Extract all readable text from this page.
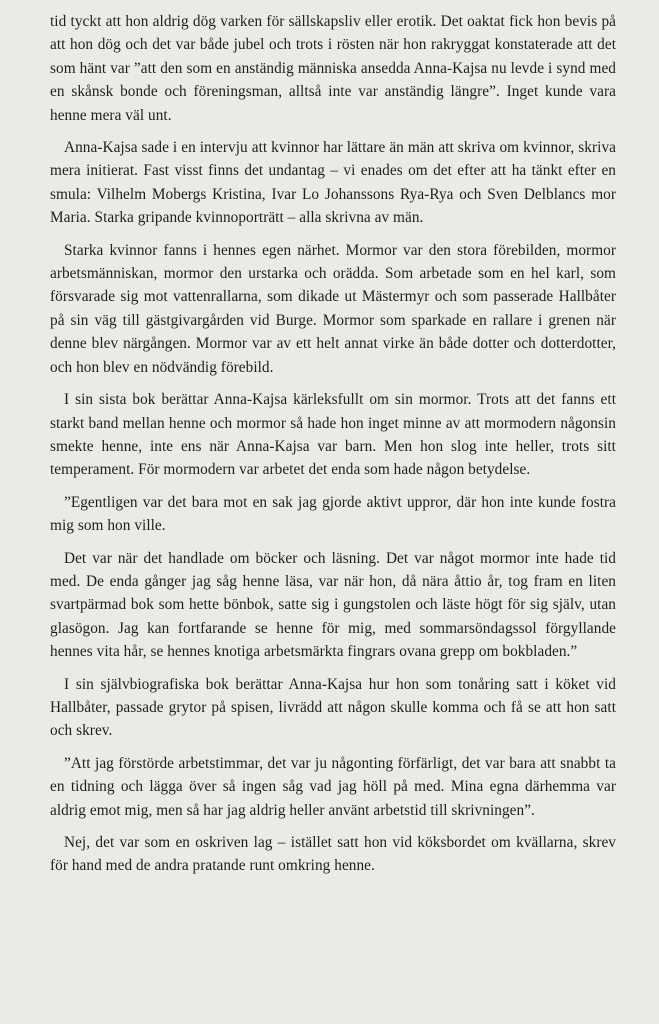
tid tyckt att hon aldrig dög varken för sällskapsliv eller erotik. Det oaktat fick hon bevis på att hon dög och det var både jubel och trots i rösten när hon rakryggat konstaterade att det som hänt var ”att den som en anständig människa ansedda Anna-Kajsa nu levde i synd med en skånsk bonde och föreningsman, alltså inte var anständig längre”. Inget kunde vara henne mera väl unt.

Anna-Kajsa sade i en intervju att kvinnor har lättare än män att skriva om kvinnor, skriva mera initierat. Fast visst finns det undantag – vi enades om det efter att ha tänkt efter en smula: Vilhelm Mobergs Kristina, Ivar Lo Johanssons Rya-Rya och Sven Delblancs mor Maria. Starka gripande kvinnoporträtt – alla skrivna av män.

Starka kvinnor fanns i hennes egen närhet. Mormor var den stora förebilden, mormor arbetsmänniskan, mormor den urstarka och orädda. Som arbetade som en hel karl, som försvarade sig mot vattenrallarna, som dikade ut Mästermyr och som passerade Hallbåter på sin väg till gästgivargården vid Burge. Mormor som sparkade en rallare i grenen när denne blev närgången. Mormor var av ett helt annat virke än både dotter och dotterdotter, och hon blev en nödvändig förebild.

I sin sista bok berättar Anna-Kajsa kärleksfullt om sin mormor. Trots att det fanns ett starkt band mellan henne och mormor så hade hon inget minne av att mormodern någonsin smekte henne, inte ens när Anna-Kajsa var barn. Men hon slog inte heller, trots sitt temperament. För mormodern var arbetet det enda som hade någon betydelse.

”Egentligen var det bara mot en sak jag gjorde aktivt uppror, där hon inte kunde fostra mig som hon ville.

Det var när det handlade om böcker och läsning. Det var något mormor inte hade tid med. De enda gånger jag såg henne läsa, var när hon, då nära åttio år, tog fram en liten svartpärmad bok som hette bönbok, satte sig i gungstolen och läste högt för sig själv, utan glasögon. Jag kan fortfarande se henne för mig, med sommarsöndagssol förgyllande hennes vita hår, se hennes knotiga arbetsmärkta fingrars ovana grepp om bokbladen.”

I sin självbiografiska bok berättar Anna-Kajsa hur hon som tonåring satt i köket vid Hallbåter, passade grytor på spisen, livrädd att någon skulle komma och få se att hon satt och skrev.

”Att jag förstörde arbetstimmar, det var ju någonting förfärligt, det var bara att snabbt ta en tidning och lägga över så ingen såg vad jag höll på med. Mina egna därhemma var aldrig emot mig, men så har jag aldrig heller använt arbetstid till skrivningen”.

Nej, det var som en oskriven lag – istället satt hon vid köksbordet om kvällarna, skrev för hand med de andra pratande runt omkring henne.
